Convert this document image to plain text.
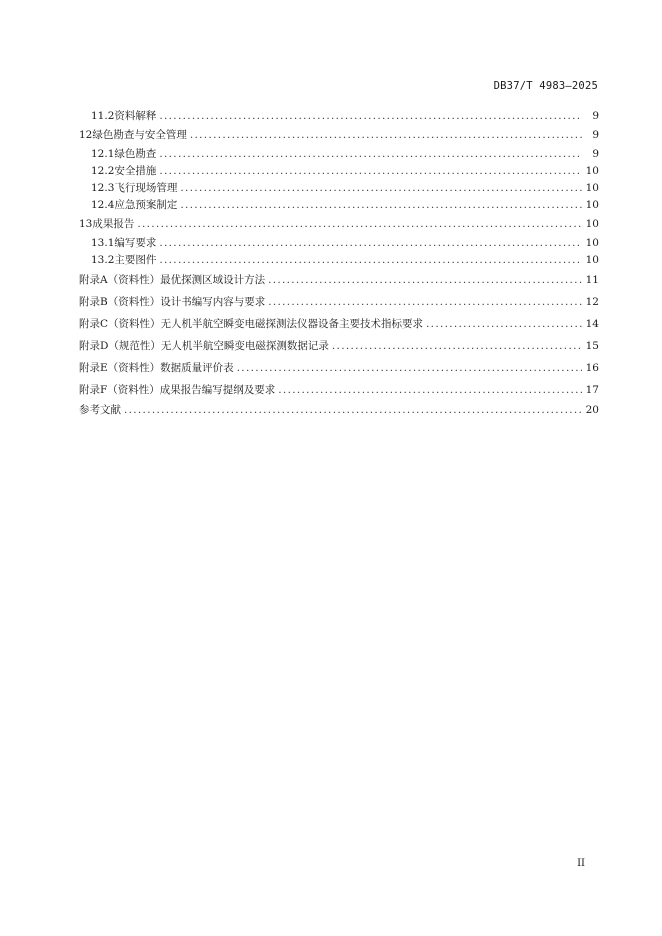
DB37/T 4983—2025
11.2 资料解释 .....	9
12 绿色勘查与安全管理 .....	9
12.1 绿色勘查 .....	9
12.2 安全措施 .....	10
12.3 飞行现场管理 .....	10
12.4 应急预案制定 .....	10
13 成果报告 .....	10
13.1 编写要求 .....	10
13.2 主要图件 .....	10
附录A（资料性） 最优探测区域设计方法 .....	11
附录B（资料性） 设计书编写内容与要求 .....	12
附录C（资料性） 无人机半航空瞬变电磁探测法仪器设备主要技术指标要求 .....	14
附录D（规范性） 无人机半航空瞬变电磁探测数据记录 .....	15
附录E（资料性） 数据质量评价表 .....	16
附录F（资料性） 成果报告编写提纲及要求 .....	17
参考文献 .....	20
II
